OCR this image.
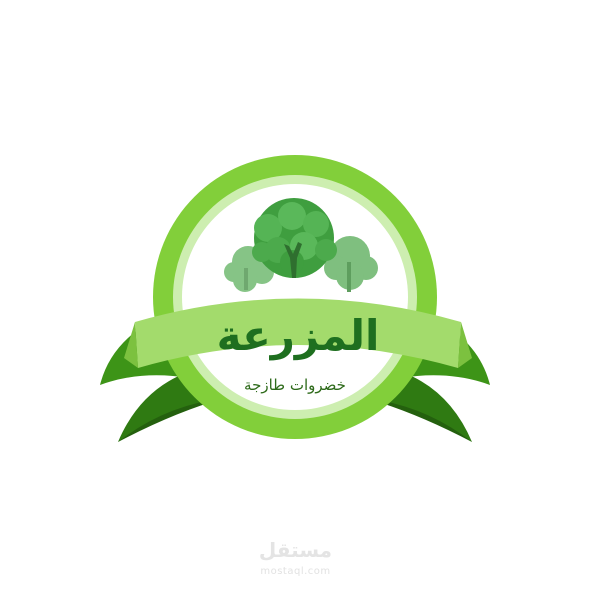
المزرعة
خضروات طازجة
مستقل
mostaql.com
